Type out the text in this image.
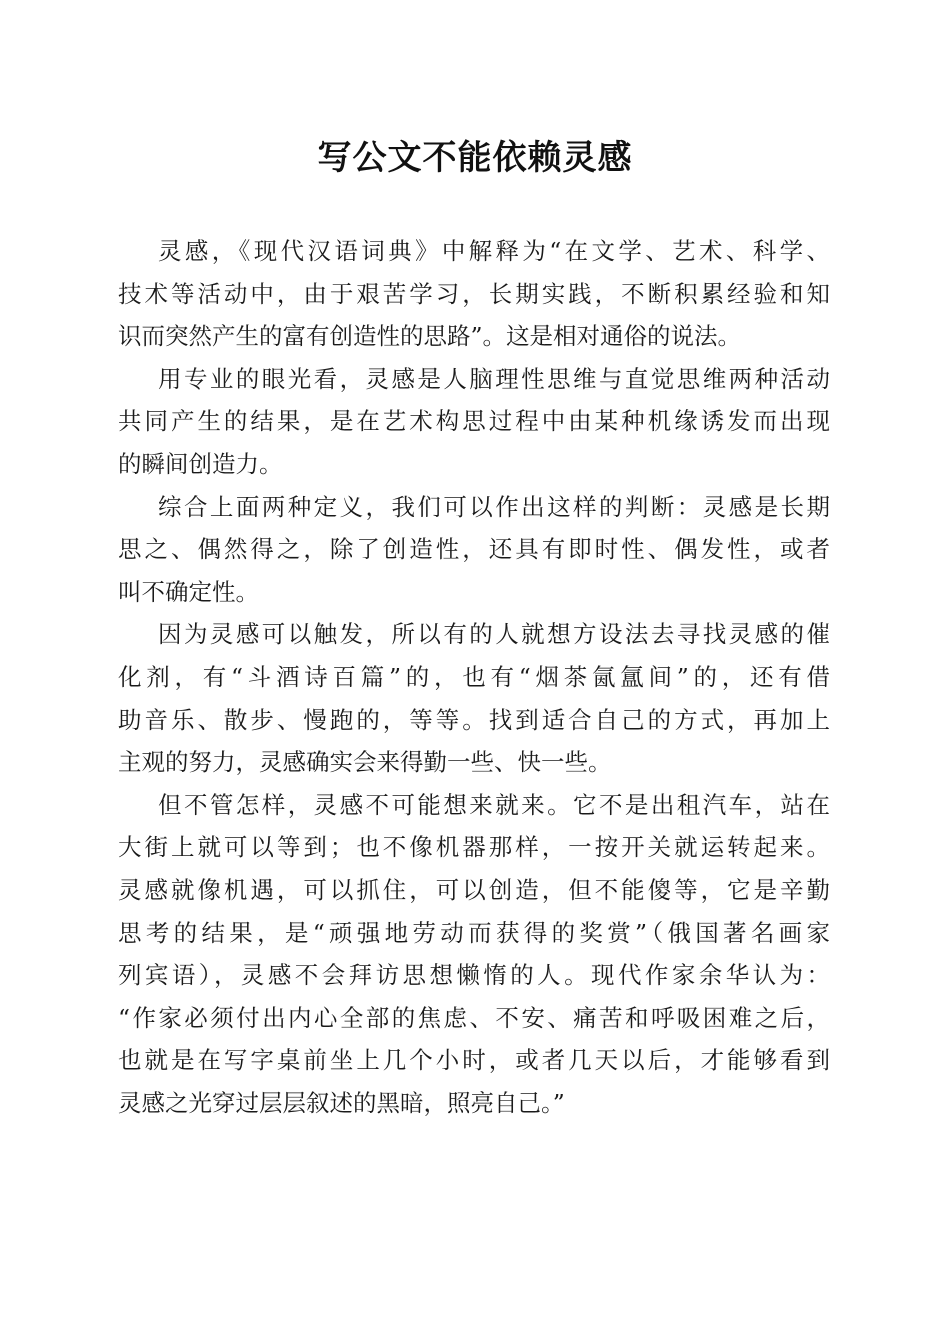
写公文不能依赖灵感
灵感，《现代汉语词典》中解释为“在文学、艺术、科学、
技术等活动中，由于艰苦学习，长期实践，不断积累经验和知
识而突然产生的富有创造性的思路”。这是相对通俗的说法。
用专业的眼光看，灵感是人脑理性思维与直觉思维两种活动
共同产生的结果，是在艺术构思过程中由某种机缘诱发而出现
的瞬间创造力。
综合上面两种定义，我们可以作出这样的判断：灵感是长期
思之、偶然得之，除了创造性，还具有即时性、偶发性，或者
叫不确定性。
因为灵感可以触发，所以有的人就想方设法去寻找灵感的催
化剂，有“斗酒诗百篇”的，也有“烟茶氤氲间”的，还有借
助音乐、散步、慢跑的，等等。找到适合自己的方式，再加上
主观的努力，灵感确实会来得勤一些、快一些。
但不管怎样，灵感不可能想来就来。它不是出租汽车，站在
大街上就可以等到；也不像机器那样，一按开关就运转起来。
灵感就像机遇，可以抓住，可以创造，但不能傻等，它是辛勤
思考的结果，是“顽强地劳动而获得的奖赏”（俄国著名画家
列宾语），灵感不会拜访思想懒惰的人。现代作家余华认为：
“作家必须付出内心全部的焦虑、不安、痛苦和呼吸困难之后，
也就是在写字桌前坐上几个小时，或者几天以后，才能够看到
灵感之光穿过层层叙述的黑暗，照亮自己。”
